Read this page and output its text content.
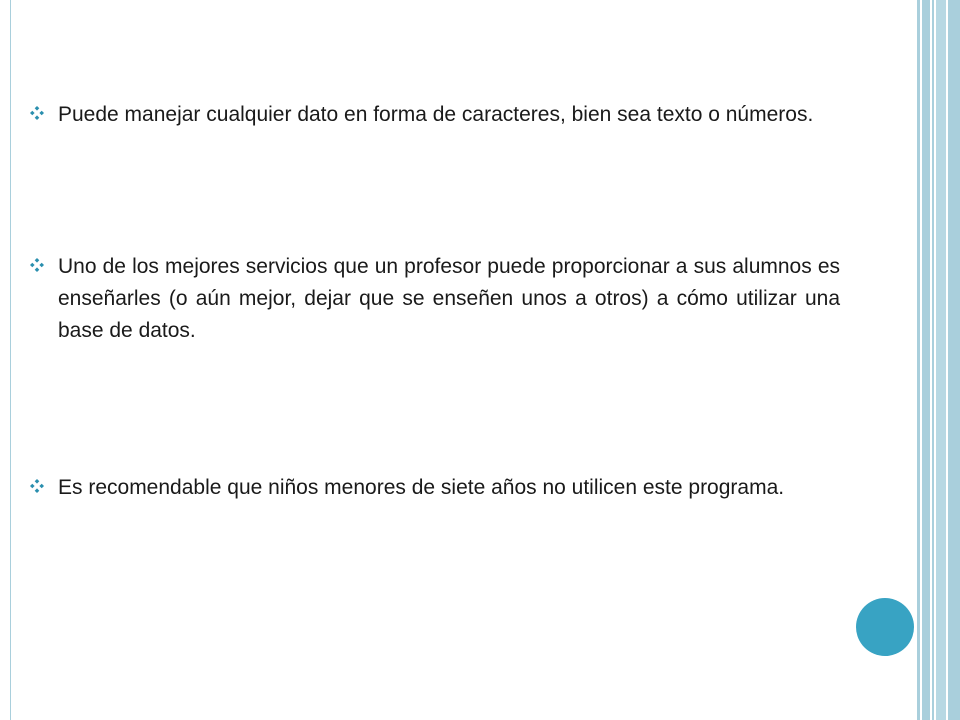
Puede manejar cualquier dato en forma de caracteres, bien sea texto o números.
Uno de los mejores servicios que un profesor puede proporcionar a sus alumnos es enseñarles (o aún mejor, dejar que se enseñen unos a otros) a cómo utilizar una base de datos.
Es recomendable que niños menores de siete años no utilicen este programa.
